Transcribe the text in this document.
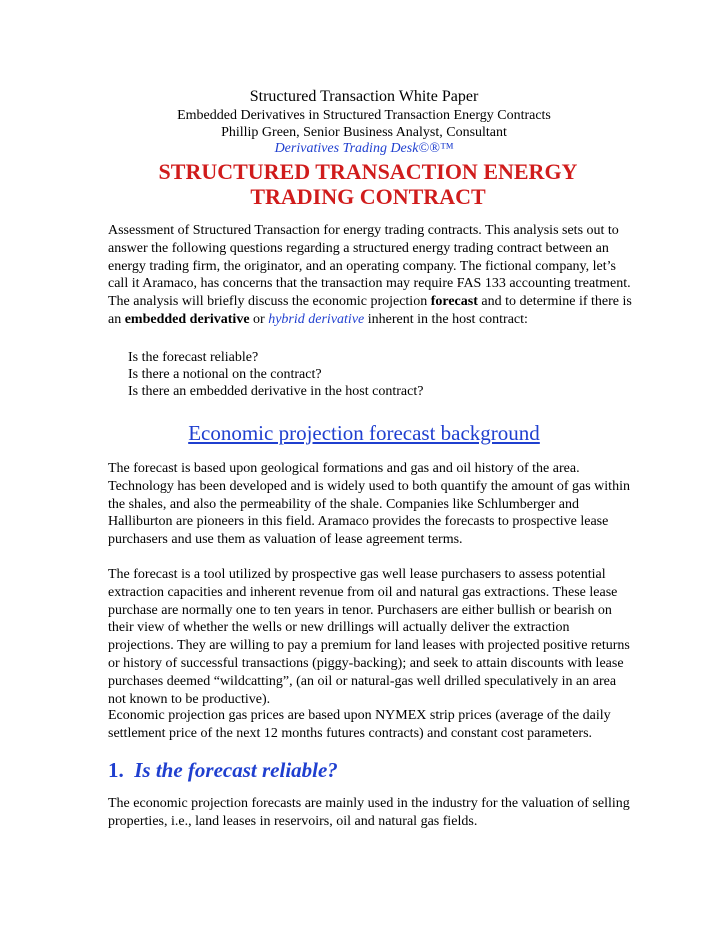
Structured Transaction White Paper
Embedded Derivatives in Structured Transaction Energy Contracts
Phillip Green, Senior Business Analyst, Consultant
Derivatives Trading Desk©®™
STRUCTURED TRANSACTION ENERGY TRADING CONTRACT

Assessment of Structured Transaction for energy trading contracts. This analysis sets out to answer the following questions regarding a structured energy trading contract between an energy trading firm, the originator, and an operating company. The fictional company, let’s call it Aramaco, has concerns that the transaction may require FAS 133 accounting treatment. The analysis will briefly discuss the economic projection forecast and to determine if there is an embedded derivative or hybrid derivative inherent in the host contract:

Is the forecast reliable?
Is there a notional on the contract?
Is there an embedded derivative in the host contract?
Economic projection forecast background

The forecast is based upon geological formations and gas and oil history of the area. Technology has been developed and is widely used to both quantify the amount of gas within the shales, and also the permeability of the shale. Companies like Schlumberger and Halliburton are pioneers in this field. Aramaco provides the forecasts to prospective lease purchasers and use them as valuation of lease agreement terms.

The forecast is a tool utilized by prospective gas well lease purchasers to assess potential extraction capacities and inherent revenue from oil and natural gas extractions. These lease purchase are normally one to ten years in tenor. Purchasers are either bullish or bearish on their view of whether the wells or new drillings will actually deliver the extraction projections. They are willing to pay a premium for land leases with projected positive returns or history of successful transactions (piggy-backing); and seek to attain discounts with lease purchases deemed “wildcatting”, (an oil or natural-gas well drilled speculatively in an area not known to be productive).

Economic projection gas prices are based upon NYMEX strip prices (average of the daily settlement price of the next 12 months futures contracts) and constant cost parameters.

1. Is the forecast reliable?

The economic projection forecasts are mainly used in the industry for the valuation of selling properties, i.e., land leases in reservoirs, oil and natural gas fields.
